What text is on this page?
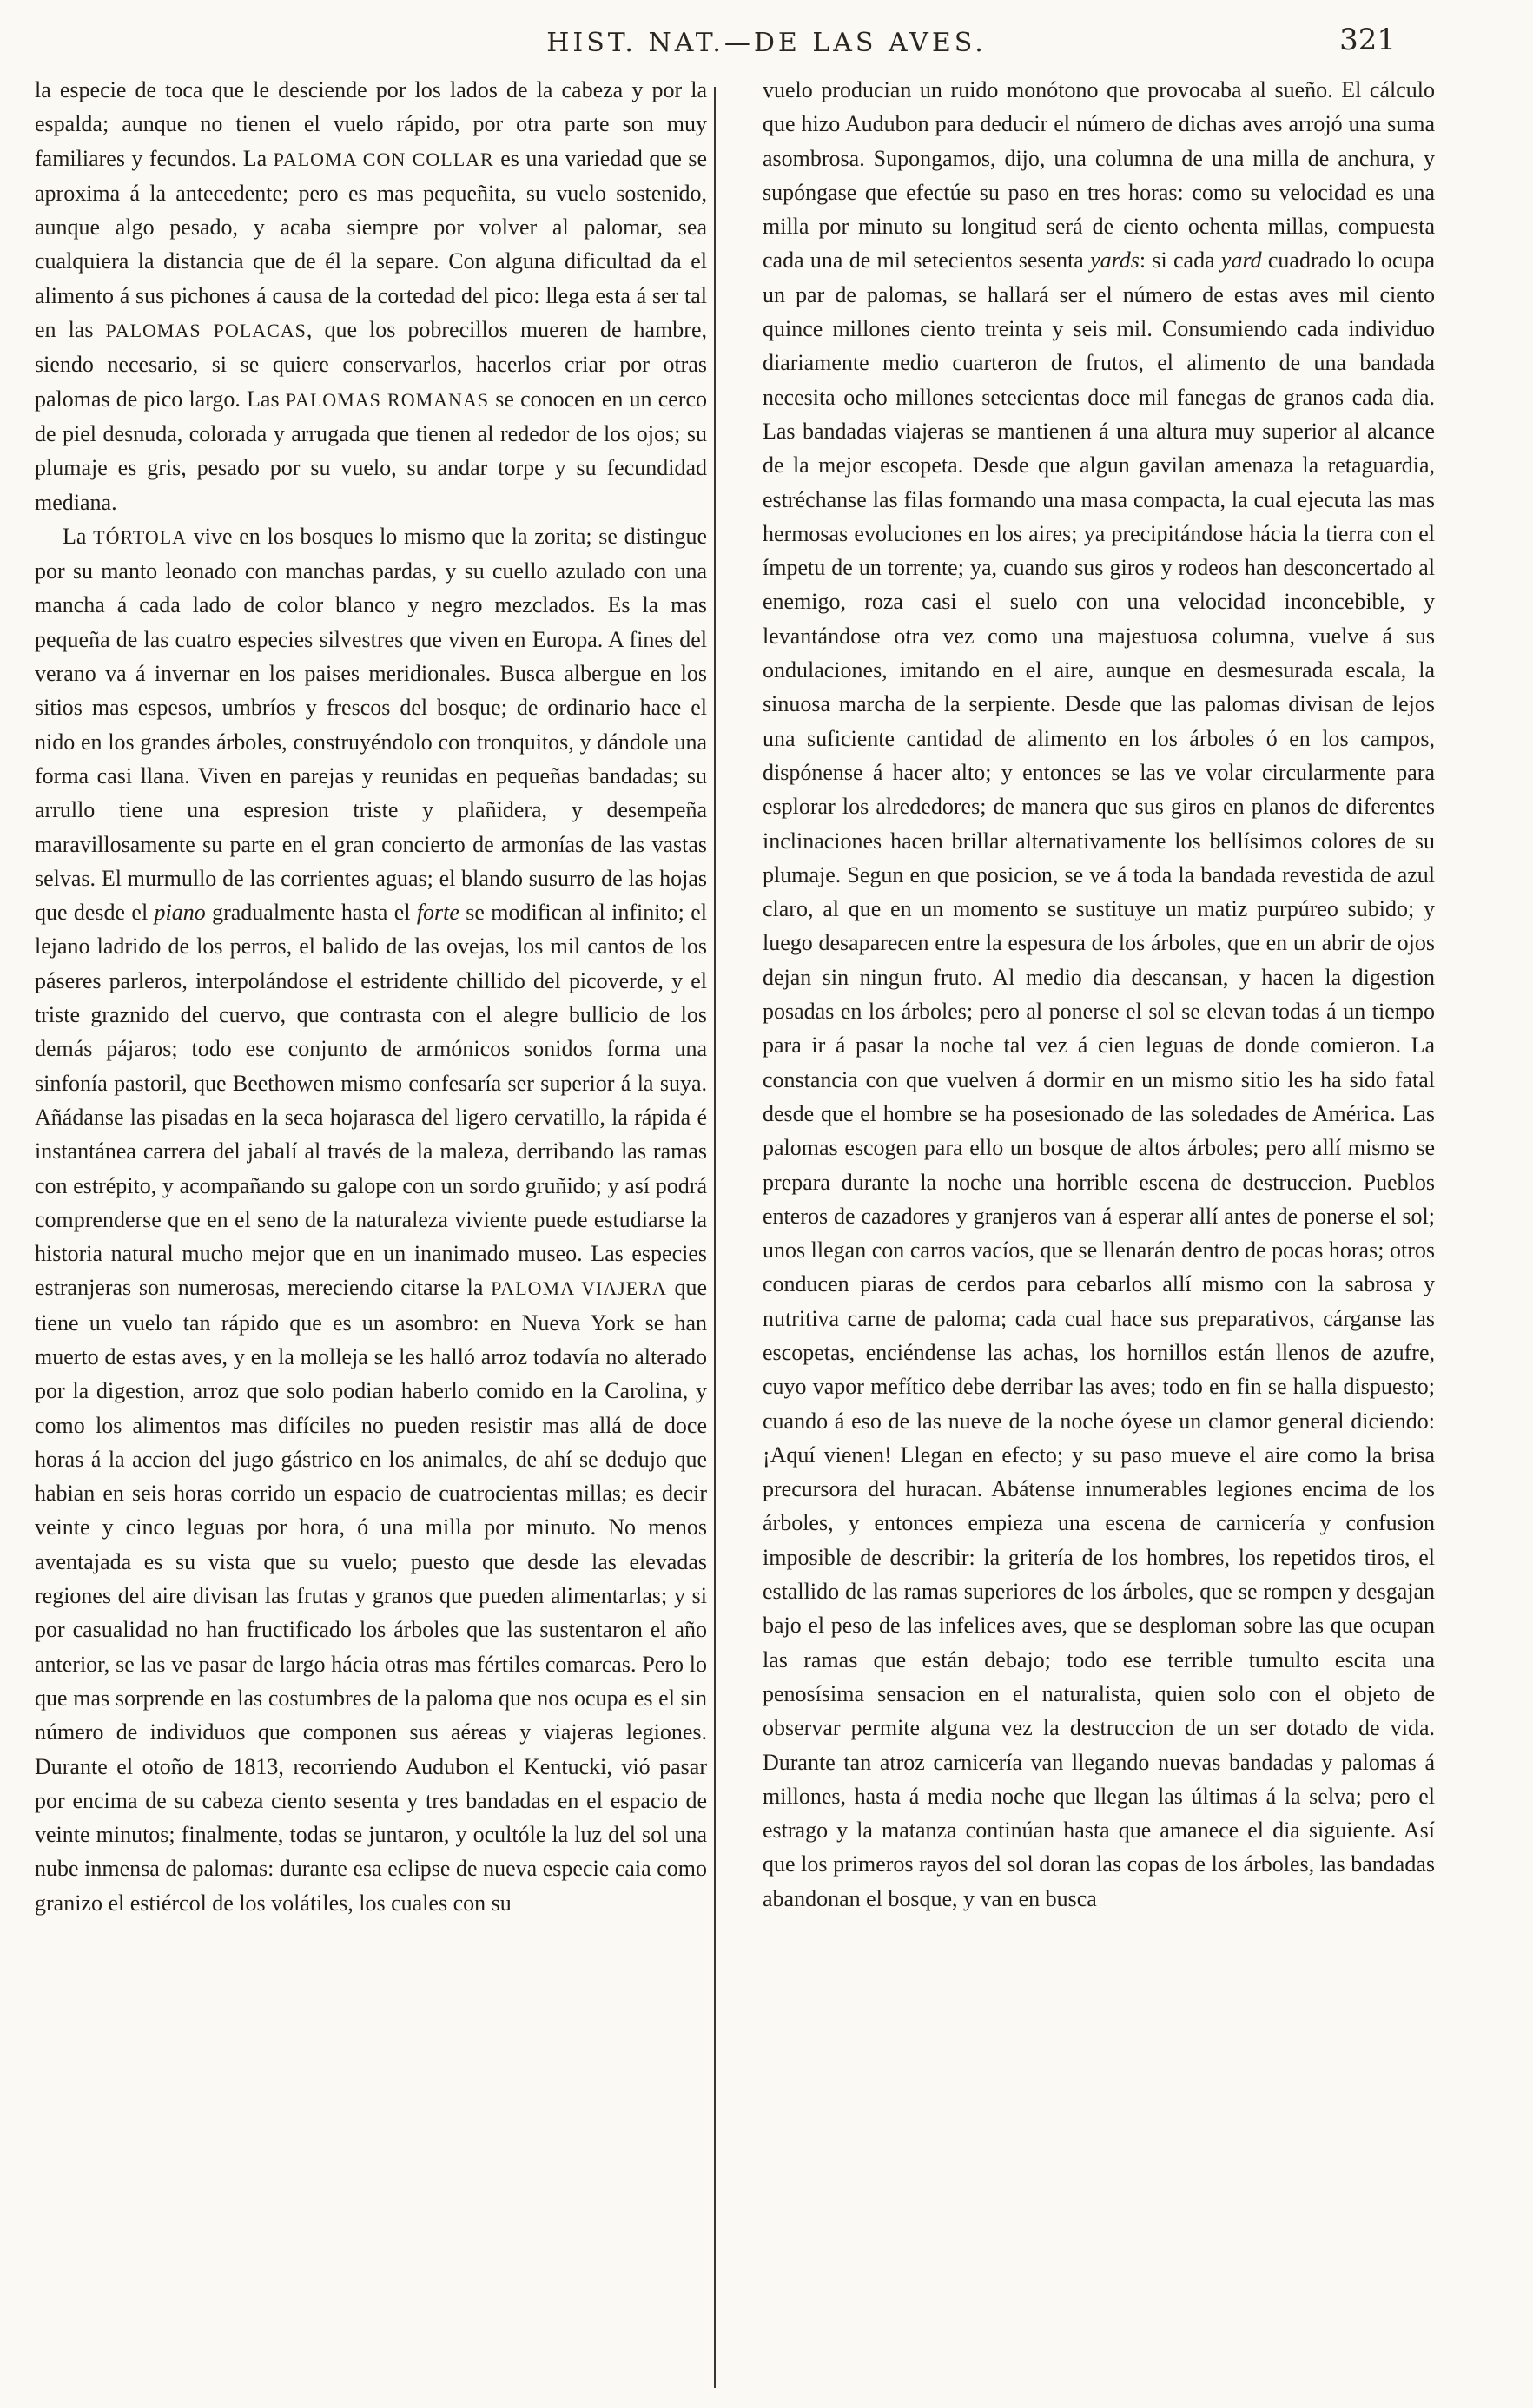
HIST. NAT.—DE LAS AVES.	321

la especie de toca que le desciende por los lados de la cabeza y por la espalda; aunque no tienen el vuelo rápido, por otra parte son muy familiares y fecundos. La PALOMA CON COLLAR es una variedad que se aproxima á la antecedente; pero es mas pequeñita, su vuelo sostenido, aunque algo pesado, y acaba siempre por volver al palomar, sea cualquiera la distancia que de él la separe. Con alguna dificultad da el alimento á sus pichones á causa de la cortedad del pico: llega esta á ser tal en las PALOMAS POLACAS, que los pobrecillos mueren de hambre, siendo necesario, si se quiere conservarlos, hacerlos criar por otras palomas de pico largo. Las PALOMAS ROMANAS se conocen en un cerco de piel desnuda, colorada y arrugada que tienen al rededor de los ojos; su plumaje es gris, pesado por su vuelo, su andar torpe y su fecundidad mediana.

La TÓRTOLA vive en los bosques lo mismo que la zorita; se distingue por su manto leonado con manchas pardas, y su cuello azulado con una mancha á cada lado de color blanco y negro mezclados. Es la mas pequeña de las cuatro especies silvestres que viven en Europa. A fines del verano va á invernar en los paises meridionales. Busca albergue en los sitios mas espesos, umbríos y frescos del bosque; de ordinario hace el nido en los grandes árboles, construyéndolo con tronquitos, y dándole una forma casi llana. Viven en parejas y reunidas en pequeñas bandadas; su arrullo tiene una espresion triste y plañidera, y desempeña maravillosamente su parte en el gran concierto de armonías de las vastas selvas. El murmullo de las corrientes aguas; el blando susurro de las hojas que desde el piano gradualmente hasta el forte se modifican al infinito; el lejano ladrido de los perros, el balido de las ovejas, los mil cantos de los páseres parleros, interpolándose el estridente chillido del picoverde, y el triste graznido del cuervo, que contrasta con el alegre bullicio de los demás pájaros; todo ese conjunto de armónicos sonidos forma una sinfonía pastoril, que Beethowen mismo confesaría ser superior á la suya. Añádanse las pisadas en la seca hojarasca del ligero cervatillo, la rápida é instantánea carrera del jabalí al través de la maleza, derribando las ramas con estrépito, y acompañando su galope con un sordo gruñido; y así podrá comprenderse que en el seno de la naturaleza viviente puede estudiarse la historia natural mucho mejor que en un inanimado museo. Las especies estranjeras son numerosas, mereciendo citarse la PALOMA VIAJERA que tiene un vuelo tan rápido que es un asombro: en Nueva York se han muerto de estas aves, y en la molleja se les halló arroz todavía no alterado por la digestion, arroz que solo podian haberlo comido en la Carolina, y como los alimentos mas difíciles no pueden resistir mas allá de doce horas á la accion del jugo gástrico en los animales, de ahí se dedujo que habian en seis horas corrido un espacio de cuatrocientas millas; es decir veinte y cinco leguas por hora, ó una milla por minuto. No menos aventajada es su vista que su vuelo; puesto que desde las elevadas regiones del aire divisan las frutas y granos que pueden alimentarlas; y si por casualidad no han fructificado los árboles que las sustentaron el año anterior, se las ve pasar de largo hácia otras mas fértiles comarcas. Pero lo que mas sorprende en las costumbres de la paloma que nos ocupa es el sin número de individuos que componen sus aéreas y viajeras legiones. Durante el otoño de 1813, recorriendo Audubon el Kentucki, vió pasar por encima de su cabeza ciento sesenta y tres bandadas en el espacio de veinte minutos; finalmente, todas se juntaron, y ocultóle la luz del sol una nube inmensa de palomas: durante esa eclipse de nueva especie caia como granizo el estiércol de los volátiles, los cuales con su

vuelo producian un ruido monótono que provocaba al sueño. El cálculo que hizo Audubon para deducir el número de dichas aves arrojó una suma asombrosa. Supongamos, dijo, una columna de una milla de anchura, y supóngase que efectúe su paso en tres horas: como su velocidad es una milla por minuto su longitud será de ciento ochenta millas, compuesta cada una de mil setecientos sesenta yards: si cada yard cuadrado lo ocupa un par de palomas, se hallará ser el número de estas aves mil ciento quince millones ciento treinta y seis mil. Consumiendo cada individuo diariamente medio cuarteron de frutos, el alimento de una bandada necesita ocho millones setecientas doce mil fanegas de granos cada dia. Las bandadas viajeras se mantienen á una altura muy superior al alcance de la mejor escopeta. Desde que algun gavilan amenaza la retaguardia, estréchanse las filas formando una masa compacta, la cual ejecuta las mas hermosas evoluciones en los aires; ya precipitándose hácia la tierra con el ímpetu de un torrente; ya, cuando sus giros y rodeos han desconcertado al enemigo, roza casi el suelo con una velocidad inconcebible, y levantándose otra vez como una majestuosa columna, vuelve á sus ondulaciones, imitando en el aire, aunque en desmesurada escala, la sinuosa marcha de la serpiente. Desde que las palomas divisan de lejos una suficiente cantidad de alimento en los árboles ó en los campos, dispónense á hacer alto; y entonces se las ve volar circularmente para esplorar los alrededores; de manera que sus giros en planos de diferentes inclinaciones hacen brillar alternativamente los bellísimos colores de su plumaje. Segun en que posicion, se ve á toda la bandada revestida de azul claro, al que en un momento se sustituye un matiz purpúreo subido; y luego desaparecen entre la espesura de los árboles, que en un abrir de ojos dejan sin ningun fruto. Al medio dia descansan, y hacen la digestion posadas en los árboles; pero al ponerse el sol se elevan todas á un tiempo para ir á pasar la noche tal vez á cien leguas de donde comieron. La constancia con que vuelven á dormir en un mismo sitio les ha sido fatal desde que el hombre se ha posesionado de las soledades de América. Las palomas escogen para ello un bosque de altos árboles; pero allí mismo se prepara durante la noche una horrible escena de destruccion. Pueblos enteros de cazadores y granjeros van á esperar allí antes de ponerse el sol; unos llegan con carros vacíos, que se llenarán dentro de pocas horas; otros conducen piaras de cerdos para cebarlos allí mismo con la sabrosa y nutritiva carne de paloma; cada cual hace sus preparativos, cárganse las escopetas, enciéndense las achas, los hornillos están llenos de azufre, cuyo vapor mefítico debe derribar las aves; todo en fin se halla dispuesto; cuando á eso de las nueve de la noche óyese un clamor general diciendo: ¡Aquí vienen! Llegan en efecto; y su paso mueve el aire como la brisa precursora del huracan. Abátense innumerables legiones encima de los árboles, y entonces empieza una escena de carnicería y confusion imposible de describir: la gritería de los hombres, los repetidos tiros, el estallido de las ramas superiores de los árboles, que se rompen y desgajan bajo el peso de las infelices aves, que se desploman sobre las que ocupan las ramas que están debajo; todo ese terrible tumulto escita una penosísima sensacion en el naturalista, quien solo con el objeto de observar permite alguna vez la destruccion de un ser dotado de vida. Durante tan atroz carnicería van llegando nuevas bandadas y palomas á millones, hasta á media noche que llegan las últimas á la selva; pero el estrago y la matanza continúan hasta que amanece el dia siguiente. Así que los primeros rayos del sol doran las copas de los árboles, las bandadas abandonan el bosque, y van en busca
